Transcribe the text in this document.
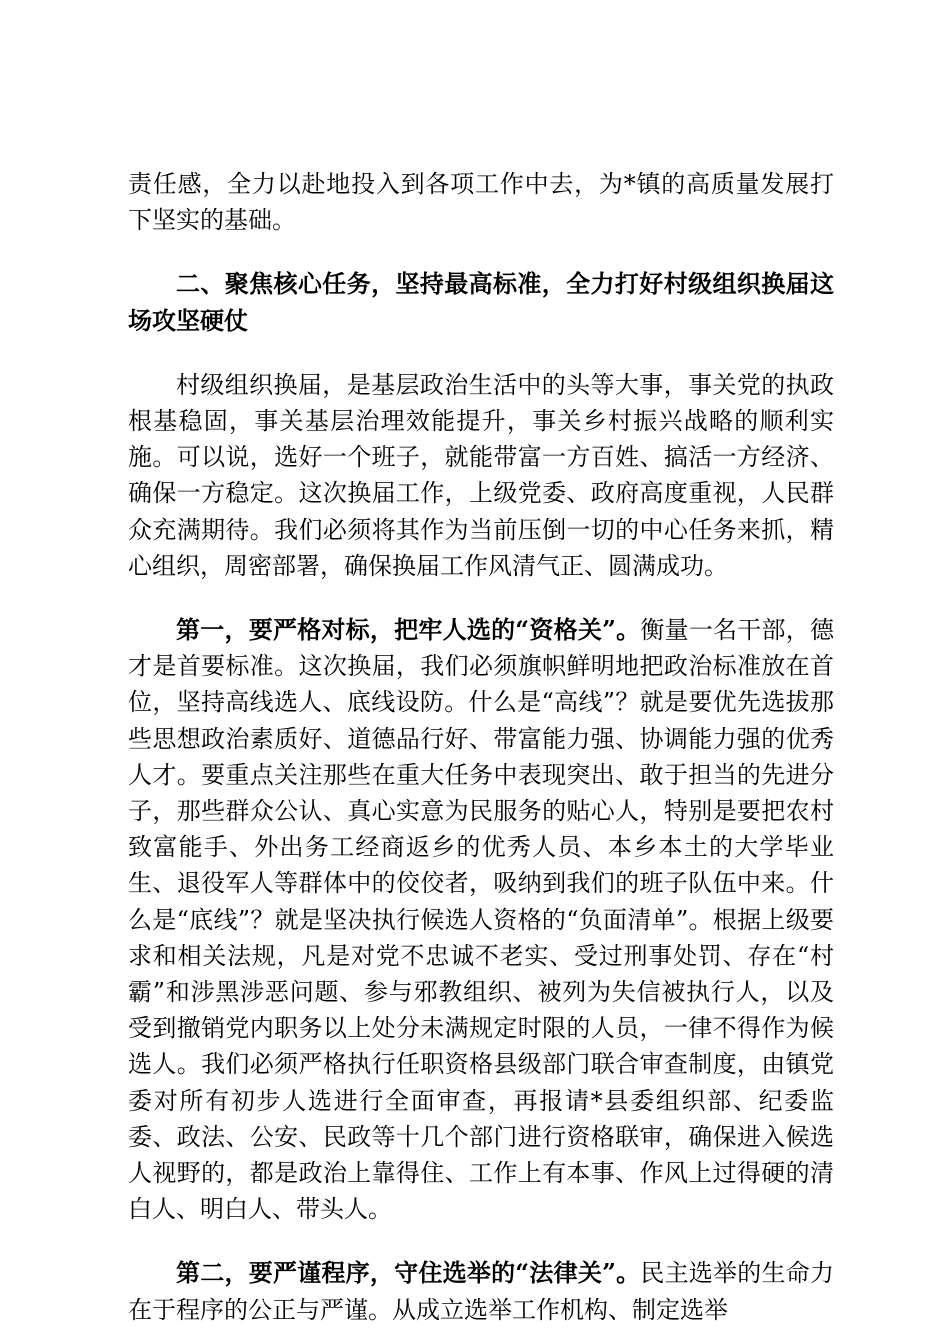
责任感，全力以赴地投入到各项工作中去，为*镇的高质量发展打下坚实的基础。

二、聚焦核心任务，坚持最高标准，全力打好村级组织换届这场攻坚硬仗

村级组织换届，是基层政治生活中的头等大事，事关党的执政根基稳固，事关基层治理效能提升，事关乡村振兴战略的顺利实施。可以说，选好一个班子，就能带富一方百姓、搞活一方经济、确保一方稳定。这次换届工作，上级党委、政府高度重视，人民群众充满期待。我们必须将其作为当前压倒一切的中心任务来抓，精心组织，周密部署，确保换届工作风清气正、圆满成功。

第一，要严格对标，把牢人选的“资格关”。衡量一名干部，德才是首要标准。这次换届，我们必须旗帜鲜明地把政治标准放在首位，坚持高线选人、底线设防。什么是“高线”？就是要优先选拔那些思想政治素质好、道德品行好、带富能力强、协调能力强的优秀人才。要重点关注那些在重大任务中表现突出、敢于担当的先进分子，那些群众公认、真心实意为民服务的贴心人，特别是要把农村致富能手、外出务工经商返乡的优秀人员、本乡本土的大学毕业生、退役军人等群体中的佼佼者，吸纳到我们的班子队伍中来。什么是“底线”？就是坚决执行候选人资格的“负面清单”。根据上级要求和相关法规，凡是对党不忠诚不老实、受过刑事处罚、存在“村霸”和涉黑涉恶问题、参与邪教组织、被列为失信被执行人，以及受到撤销党内职务以上处分未满规定时限的人员，一律不得作为候选人。我们必须严格执行任职资格县级部门联合审查制度，由镇党委对所有初步人选进行全面审查，再报请*县委组织部、纪委监委、政法、公安、民政等十几个部门进行资格联审，确保进入候选人视野的，都是政治上靠得住、工作上有本事、作风上过得硬的清白人、明白人、带头人。

第二，要严谨程序，守住选举的“法律关”。民主选举的生命力在于程序的公正与严谨。从成立选举工作机构、制定选举
